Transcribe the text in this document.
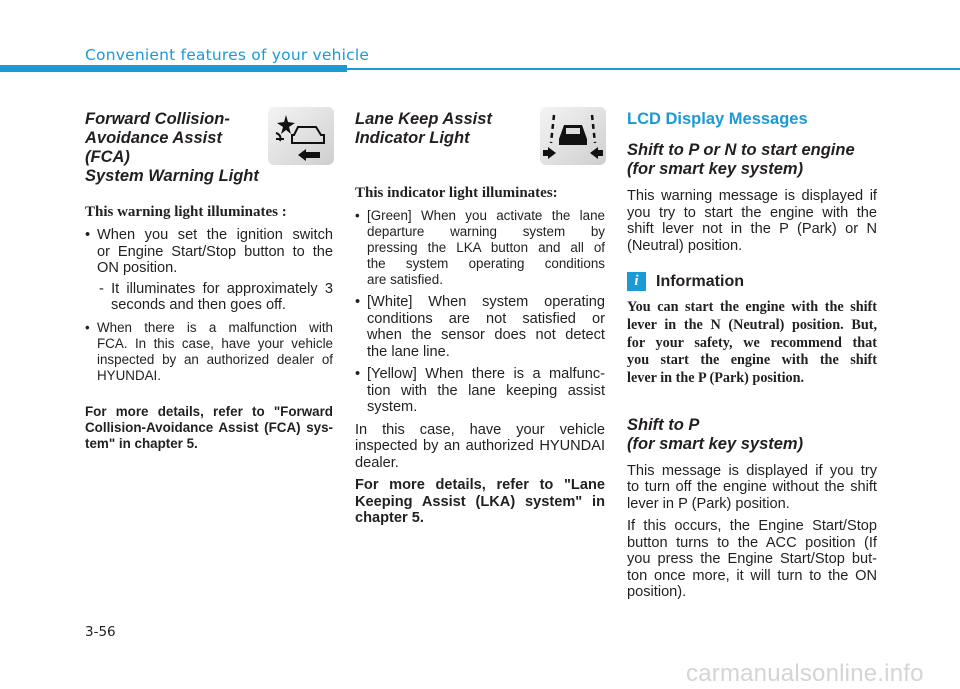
Convenient features of your vehicle
Forward Collision-
Avoidance Assist (FCA)
System Warning Light
This warning light illuminates :
• When you set the ignition switch
or Engine Start/Stop button to the
ON position.
- It illuminates for approximately 3
seconds and then goes off.
• When there is a malfunction with
FCA. In this case, have your vehicle
inspected by an authorized dealer of
HYUNDAI.
For more details, refer to "Forward
Collision-Avoidance Assist (FCA) sys-
tem" in chapter 5.
Lane Keep Assist
Indicator Light
This indicator light illuminates:
• [Green] When you activate the lane
departure warning system by
pressing the LKA button and all of
the system operating conditions
are satisfied.
• [White] When system operating
conditions are not satisfied or
when the sensor does not detect
the lane line.
• [Yellow] When there is a malfunc-
tion with the lane keeping assist
system.

In this case, have your vehicle

inspected by an authorized HYUNDAI

dealer.

For more details, refer to "Lane
Keeping Assist (LKA) system" in
chapter 5.
LCD Display Messages
Shift to P or N to start engine
(for smart key system)

This warning message is displayed if

you try to start the engine with the

shift lever not in the P (Park) or N

(Neutral) position.

i	Information
You can start the engine with the shift
lever in the N (Neutral) position. But,
for your safety, we recommend that
you start the engine with the shift
lever in the P (Park) position.
Shift to P
(for smart key system)

This message is displayed if you try

to turn off the engine without the shift

lever in P (Park) position.

If this occurs, the Engine Start/Stop

button turns to the ACC position (If

you press the Engine Start/Stop but-

ton once more, it will turn to the ON

position).

3-56
carmanualsonline.info
